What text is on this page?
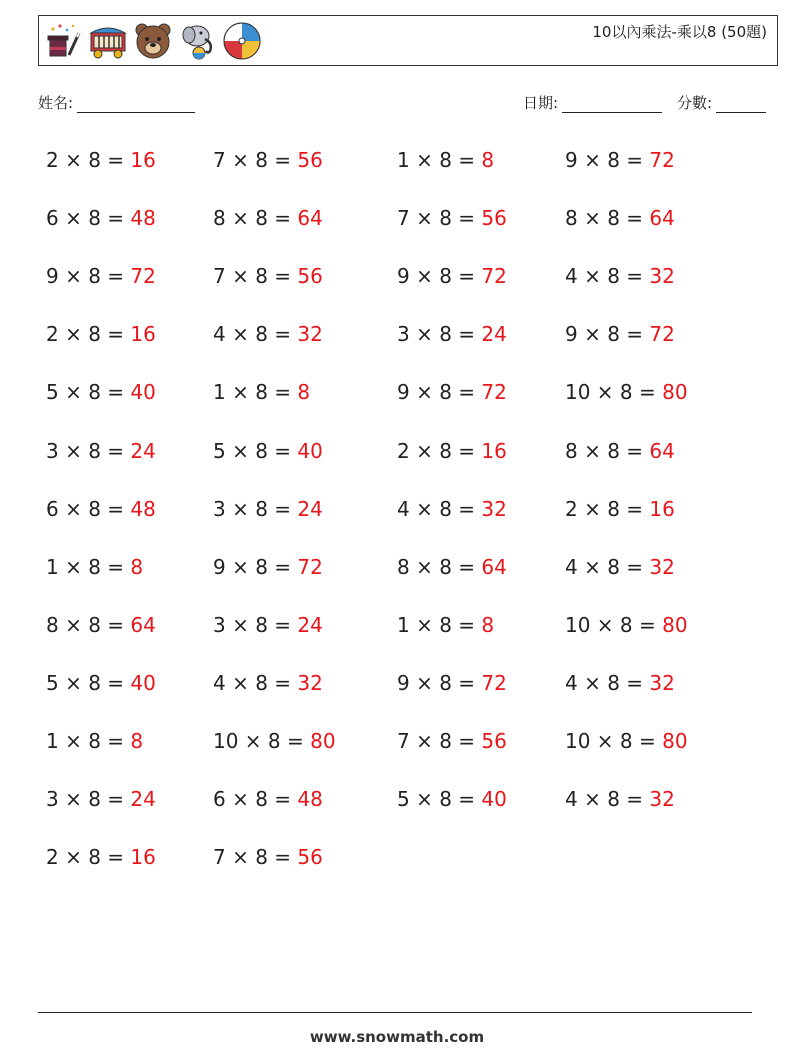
10以內乘法-乘以8 (50題)
姓名:	日期:	分數:
2 × 8 = 16
6 × 8 = 48
9 × 8 = 72
2 × 8 = 16
5 × 8 = 40
3 × 8 = 24
6 × 8 = 48
1 × 8 = 8
8 × 8 = 64
5 × 8 = 40
1 × 8 = 8
3 × 8 = 24
2 × 8 = 16
7 × 8 = 56
8 × 8 = 64
7 × 8 = 56
4 × 8 = 32
1 × 8 = 8
5 × 8 = 40
3 × 8 = 24
9 × 8 = 72
3 × 8 = 24
4 × 8 = 32
10 × 8 = 80
6 × 8 = 48
7 × 8 = 56
1 × 8 = 8
7 × 8 = 56
9 × 8 = 72
3 × 8 = 24
9 × 8 = 72
2 × 8 = 16
4 × 8 = 32
8 × 8 = 64
1 × 8 = 8
9 × 8 = 72
7 × 8 = 56
5 × 8 = 40
9 × 8 = 72
8 × 8 = 64
4 × 8 = 32
9 × 8 = 72
10 × 8 = 80
8 × 8 = 64
2 × 8 = 16
4 × 8 = 32
10 × 8 = 80
4 × 8 = 32
10 × 8 = 80
4 × 8 = 32
www.snowmath.com
